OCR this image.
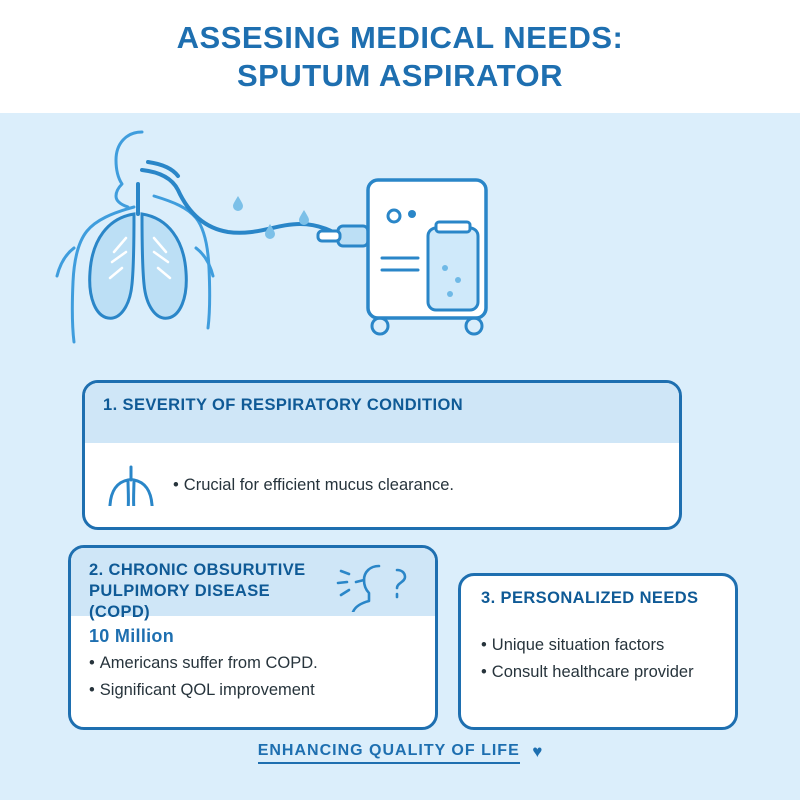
ASSESING MEDICAL NEEDS:
SPUTUM ASPIRATOR
1. SEVERITY OF RESPIRATORY CONDITION
• Crucial for efficient mucus clearance.
2. CHRONIC OBSURUTIVE PULPIMORY DISEASE (COPD)
10 Million
• Americans suffer from COPD.
• Significant QOL improvement
3. PERSONALIZED NEEDS
• Unique situation factors
• Consult healthcare provider
ENHANCING QUALITY OF LIFE ♥
